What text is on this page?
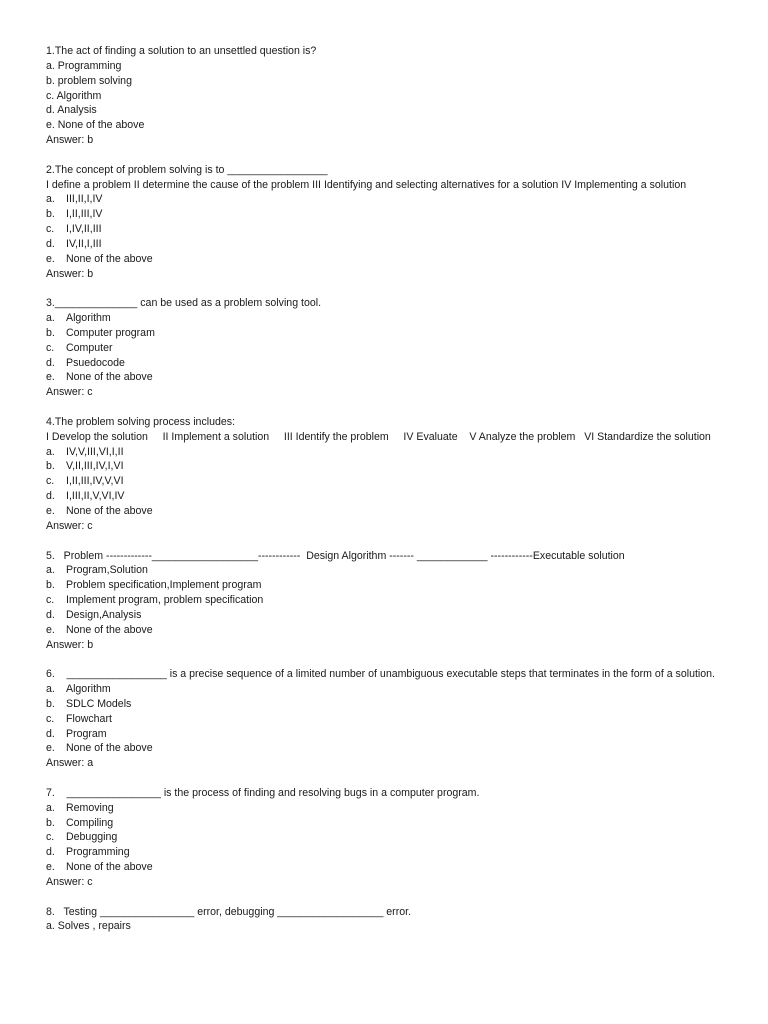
1.The act of finding a solution to an unsettled question is?
a. Programming
b. problem solving
c. Algorithm
d. Analysis
e. None of the above
Answer: b
2.The concept of problem solving is to _________________
I define a problem II determine the cause of the problem III Identifying and selecting alternatives for a solution IV Implementing a solution
a. III,II,I,IV
b. I,II,III,IV
c. I,IV,II,III
d. IV,II,I,III
e. None of the above
Answer: b
3.______________ can be used as a problem solving tool.
a. Algorithm
b. Computer program
c. Computer
d. Psuedocode
e. None of the above
Answer: c
4.The problem solving process includes:
I Develop the solution     II Implement a solution     III Identify the problem     IV Evaluate    V Analyze the problem   VI Standardize the solution
a. IV,V,III,VI,I,II
b. V,II,III,IV,I,VI
c. I,II,III,IV,V,VI
d. I,III,II,V,VI,IV
e. None of the above
Answer: c
5.   Problem -------------__________________------------  Design Algorithm ------- ____________ ------------Executable solution
a. Program,Solution
b. Problem specification,Implement program
c. Implement program, problem specification
d. Design,Analysis
e. None of the above
Answer: b
6.    _________________ is a precise sequence of a limited number of unambiguous executable steps that terminates in the form of a solution.
a. Algorithm
b. SDLC Models
c. Flowchart
d. Program
e. None of the above
Answer: a
7.    ________________ is the process of finding and resolving bugs in a computer program.
a. Removing
b. Compiling
c. Debugging
d. Programming
e. None of the above
Answer: c
8.   Testing ________________ error, debugging __________________ error.
a. Solves , repairs
